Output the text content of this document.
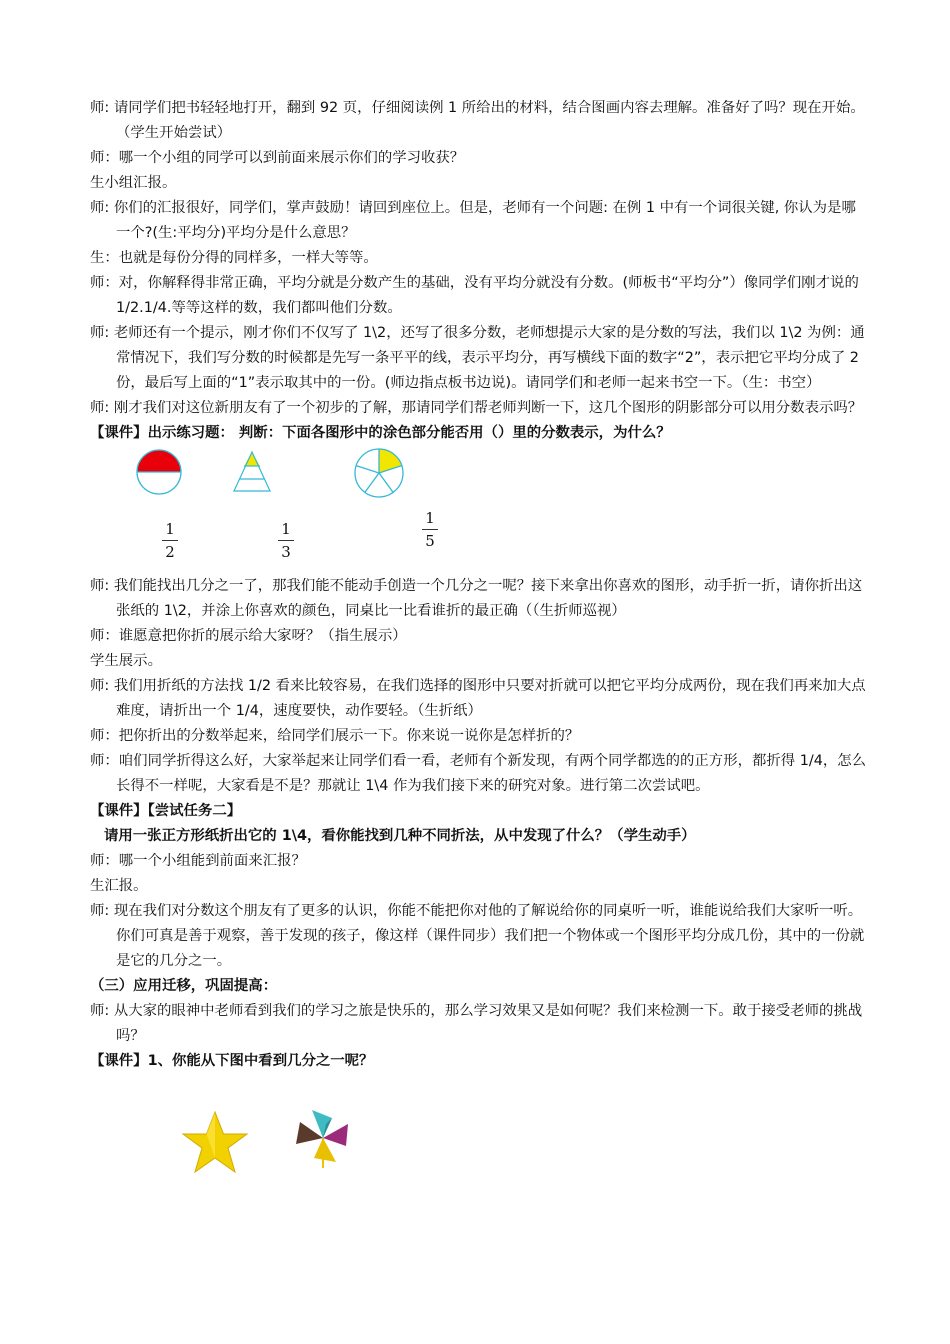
师: 请同学们把书轻轻地打开，翻到 92 页，仔细阅读例 1 所给出的材料，结合图画内容去理解。准备好了吗？现在开始。（学生开始尝试）

师：哪一个小组的同学可以到前面来展示你们的学习收获？

生小组汇报。

师: 你们的汇报很好，同学们，掌声鼓励！请回到座位上。但是，老师有一个问题: 在例 1 中有一个词很关键, 你认为是哪一个?(生:平均分)平均分是什么意思？

生：也就是每份分得的同样多，一样大等等。

师：对，你解释得非常正确，平均分就是分数产生的基础，没有平均分就没有分数。(师板书“平均分”）像同学们刚才说的 1/2.1/4.等等这样的数，我们都叫他们分数。

师: 老师还有一个提示，刚才你们不仅写了 1\2，还写了很多分数，老师想提示大家的是分数的写法，我们以 1\2 为例：通常情况下，我们写分数的时候都是先写一条平平的线，表示平均分，再写横线下面的数字“2”，表示把它平均分成了 2 份，最后写上面的“1”表示取其中的一份。(师边指点板书边说)。请同学们和老师一起来书空一下。（生：书空）

师: 刚才我们对这位新朋友有了一个初步的了解，那请同学们帮老师判断一下，这几个图形的阴影部分可以用分数表示吗？

【课件】出示练习题： 判断：下面各图形中的涂色部分能否用（）里的分数表示，为什么？

1
2
1
3
1
5

师: 我们能找出几分之一了，那我们能不能动手创造一个几分之一呢？接下来拿出你喜欢的图形，动手折一折，请你折出这张纸的 1\2，并涂上你喜欢的颜色，同桌比一比看谁折的最正确（（生折师巡视）

师：谁愿意把你折的展示给大家呀？（指生展示）

学生展示。

师: 我们用折纸的方法找 1/2 看来比较容易，在我们选择的图形中只要对折就可以把它平均分成两份，现在我们再来加大点难度，请折出一个 1/4，速度要快，动作要轻。（生折纸）

师：把你折出的分数举起来，给同学们展示一下。你来说一说你是怎样折的？

师：咱们同学折得这么好，大家举起来让同学们看一看，老师有个新发现，有两个同学都选的的正方形，都折得 1/4，怎么长得不一样呢，大家看是不是？那就让 1\4 作为我们接下来的研究对象。进行第二次尝试吧。

【课件】【尝试任务二】

请用一张正方形纸折出它的 1\4，看你能找到几种不同折法，从中发现了什么？（学生动手）

师：哪一个小组能到前面来汇报？

生汇报。

师: 现在我们对分数这个朋友有了更多的认识，你能不能把你对他的了解说给你的同桌听一听，谁能说给我们大家听一听。你们可真是善于观察，善于发现的孩子，像这样（课件同步）我们把一个物体或一个图形平均分成几份，其中的一份就是它的几分之一。

（三）应用迁移，巩固提高：

师: 从大家的眼神中老师看到我们的学习之旅是快乐的，那么学习效果又是如何呢？我们来检测一下。敢于接受老师的挑战吗？

【课件】1、你能从下图中看到几分之一呢？
